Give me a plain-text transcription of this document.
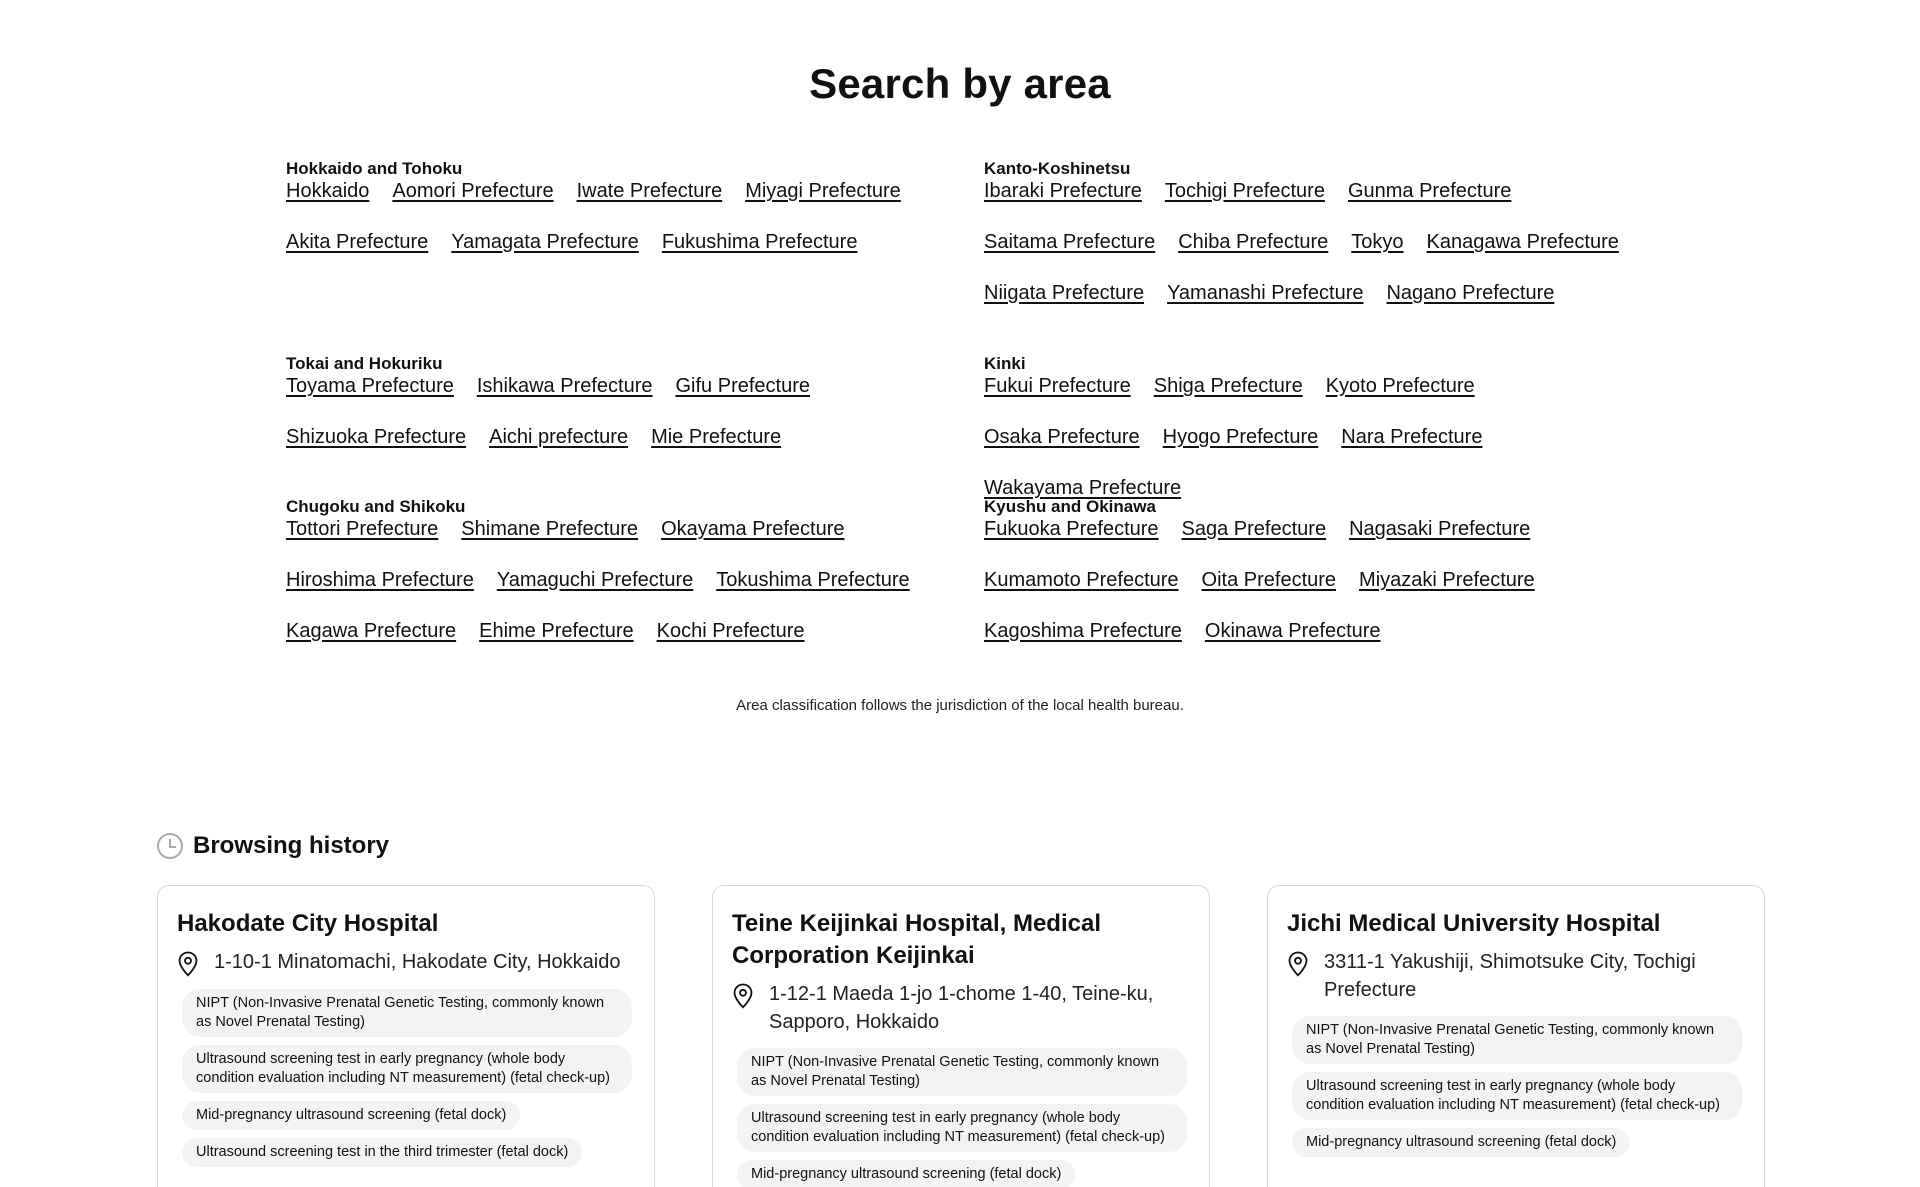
Search by area
Hokkaido and Tohoku
Hokkaido Aomori Prefecture Iwate Prefecture Miyagi Prefecture
Akita Prefecture Yamagata Prefecture Fukushima Prefecture
Kanto-Koshinetsu
Ibaraki Prefecture Tochigi Prefecture Gunma Prefecture
Saitama Prefecture Chiba Prefecture Tokyo Kanagawa Prefecture
Niigata Prefecture Yamanashi Prefecture Nagano Prefecture
Tokai and Hokuriku
Toyama Prefecture Ishikawa Prefecture Gifu Prefecture
Shizuoka Prefecture Aichi prefecture Mie Prefecture
Kinki
Fukui Prefecture Shiga Prefecture Kyoto Prefecture
Osaka Prefecture Hyogo Prefecture Nara Prefecture
Wakayama Prefecture
Chugoku and Shikoku
Tottori Prefecture Shimane Prefecture Okayama Prefecture
Hiroshima Prefecture Yamaguchi Prefecture Tokushima Prefecture
Kagawa Prefecture Ehime Prefecture Kochi Prefecture
Kyushu and Okinawa
Fukuoka Prefecture Saga Prefecture Nagasaki Prefecture
Kumamoto Prefecture Oita Prefecture Miyazaki Prefecture
Kagoshima Prefecture Okinawa Prefecture

Area classification follows the jurisdiction of the local health bureau.

Browsing history
Hakodate City Hospital
1-10-1 Minatomachi, Hakodate City, Hokkaido
NIPT (Non-Invasive Prenatal Genetic Testing, commonly known as Novel Prenatal Testing)
Ultrasound screening test in early pregnancy (whole body condition evaluation including NT measurement) (fetal check-up)
Mid-pregnancy ultrasound screening (fetal dock)
Ultrasound screening test in the third trimester (fetal dock)
Teine Keijinkai Hospital, Medical Corporation Keijinkai
1-12-1 Maeda 1-jo 1-chome 1-40, Teine-ku, Sapporo, Hokkaido
NIPT (Non-Invasive Prenatal Genetic Testing, commonly known as Novel Prenatal Testing)
Ultrasound screening test in early pregnancy (whole body condition evaluation including NT measurement) (fetal check-up)
Mid-pregnancy ultrasound screening (fetal dock)
Jichi Medical University Hospital
3311-1 Yakushiji, Shimotsuke City, Tochigi Prefecture
NIPT (Non-Invasive Prenatal Genetic Testing, commonly known as Novel Prenatal Testing)
Ultrasound screening test in early pregnancy (whole body condition evaluation including NT measurement) (fetal check-up)
Mid-pregnancy ultrasound screening (fetal dock)
